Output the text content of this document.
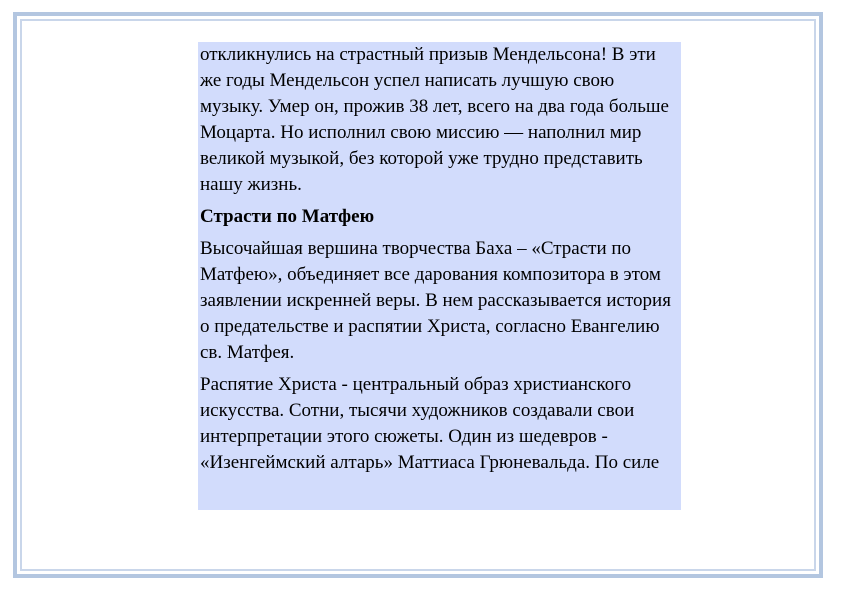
откликнулись на страстный призыв Мендельсона! В эти же годы Мендельсон успел написать лучшую свою музыку. Умер он, прожив 38 лет, всего на два года больше Моцарта. Но исполнил свою миссию — наполнил мир великой музыкой, без которой уже трудно представить нашу жизнь.

Страсти по Матфею

Высочайшая вершина творчества Баха – «Страсти по Матфею», объединяет все дарования композитора в этом заявлении искренней веры. В нем рассказывается история о предательстве и распятии Христа, согласно Евангелию св. Матфея.

Распятие Христа - центральный образ христианского искусства. Сотни, тысячи художников создавали свои интерпретации этого сюжеты. Один из шедевров - «Изенгеймский алтарь» Маттиаса Грюневальда. По силе
